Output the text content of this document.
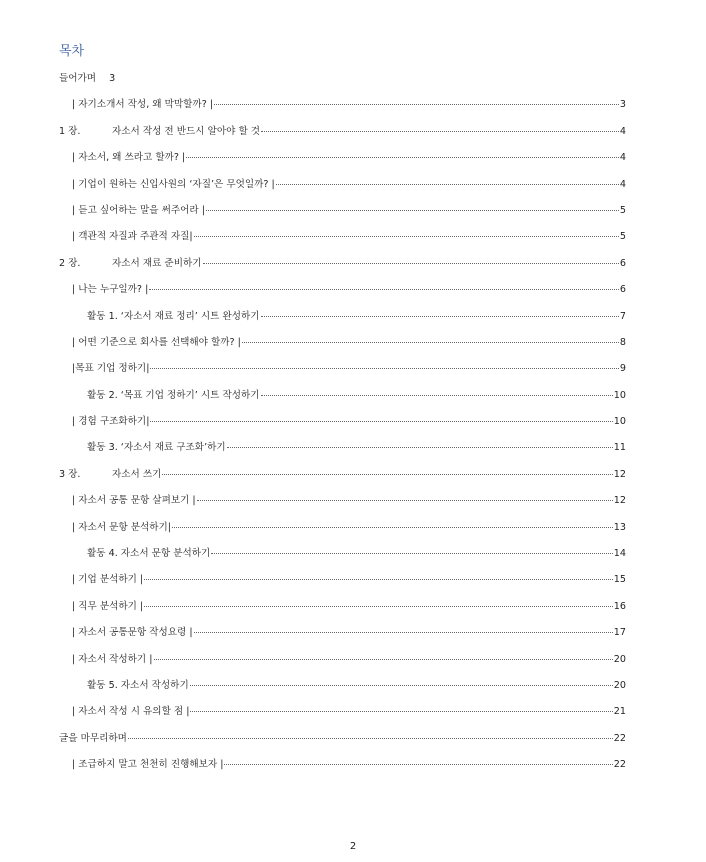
목차
들어가며 3
| 자기소개서 작성, 왜 막막할까? |	3
1 장.	자소서 작성 전 반드시 알아야 할 것	4
| 자소서, 왜 쓰라고 할까? |	4
| 기업이 원하는 신입사원의 ‘자질’은 무엇일까? |	4
| 듣고 싶어하는 말을 써주어라 |	5
| 객관적 자질과 주관적 자질|	5
2 장.	자소서 재료 준비하기	6
| 나는 누구일까? |	6
활동 1. ‘자소서 재료 정리’ 시트 완성하기	7
| 어떤 기준으로 회사를 선택해야 할까? |	8
|목표 기업 정하기|	9
활동 2. ‘목표 기업 정하기’ 시트 작성하기	10
| 경험 구조화하기|	10
활동 3. ‘자소서 재료 구조화’하기	11
3 장.	자소서 쓰기	12
| 자소서 공통 문항 살펴보기 |	12
| 자소서 문항 분석하기|	13
활동 4. 자소서 문항 분석하기	14
| 기업 분석하기 |	15
| 직무 분석하기 |	16
| 자소서 공통문항 작성요령 |	17
| 자소서 작성하기 |	20
활동 5. 자소서 작성하기	20
| 자소서 작성 시 유의할 점 |	21
글을 마무리하며	22
| 조급하지 말고 천천히 진행해보자 |	22
2
